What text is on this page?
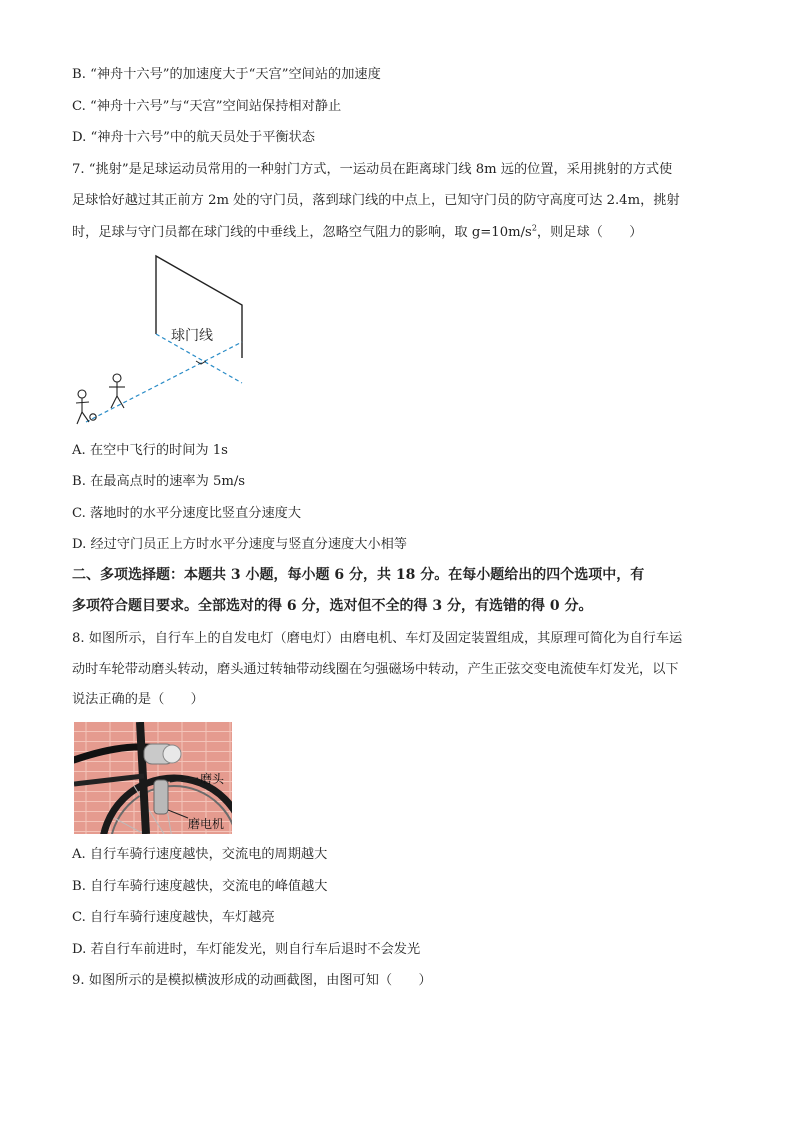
B. “神舟十六号”的加速度大于“天宫”空间站的加速度
C. “神舟十六号”与“天宫”空间站保持相对静止
D. “神舟十六号”中的航天员处于平衡状态
7. “挑射”是足球运动员常用的一种射门方式，一运动员在距离球门线 8m 远的位置，采用挑射的方式使
足球恰好越过其正前方 2m 处的守门员，落到球门线的中点上，已知守门员的防守高度可达 2.4m，挑射
时，足球与守门员都在球门线的中垂线上，忽略空气阻力的影响，取 $g=10m/s^2$，则足球（　　）
球门线
A. 在空中飞行的时间为 1s
B. 在最高点时的速率为 5m/s
C. 落地时的水平分速度比竖直分速度大
D. 经过守门员正上方时水平分速度与竖直分速度大小相等
二、多项选择题：本题共 3 小题，每小题 6 分，共 18 分。在每小题给出的四个选项中，有
多项符合题目要求。全部选对的得 6 分，选对但不全的得 3 分，有选错的得 0 分。
8. 如图所示，自行车上的自发电灯（磨电灯）由磨电机、车灯及固定装置组成，其原理可简化为自行车运
动时车轮带动磨头转动，磨头通过转轴带动线圈在匀强磁场中转动，产生正弦交变电流使车灯发光，以下
说法正确的是（　　）
磨头
磨电机
A. 自行车骑行速度越快，交流电的周期越大
B. 自行车骑行速度越快，交流电的峰值越大
C. 自行车骑行速度越快，车灯越亮
D. 若自行车前进时，车灯能发光，则自行车后退时不会发光
9. 如图所示的是模拟横波形成的动画截图，由图可知（　　）
